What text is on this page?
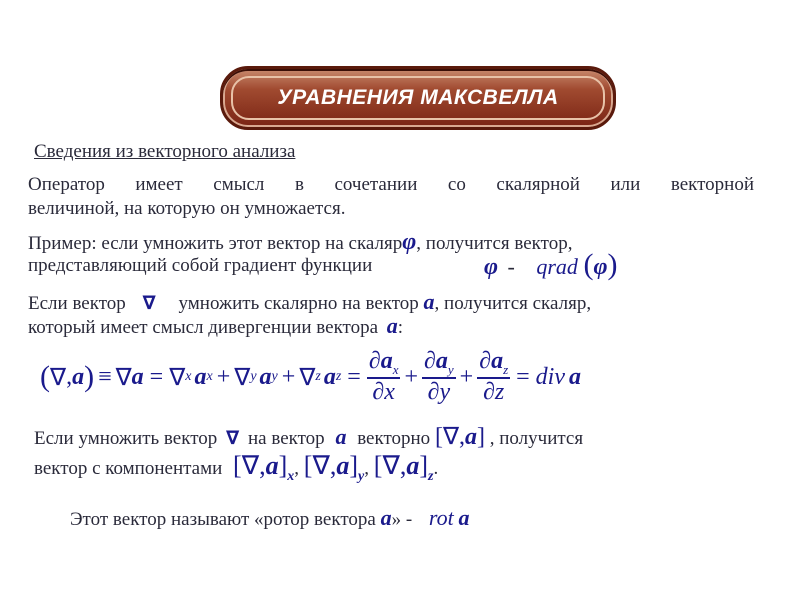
УРАВНЕНИЯ МАКСВЕЛЛА
Сведения из векторного анализа
Оператор имеет смысл в сочетании со скалярной или векторной
величиной, на которую он умножается.
Пример: если умножить этот вектор на скалярφ, получится вектор,
представляющий собой градиент функции	φ - qrad (φ)
Если вектор ∇ умножить скалярно на вектор a, получится скаляр,
который имеет смысл дивергенции вектора a:
( ∇ , a ) ≡ ∇ a = ∇ x a x + ∇ y a y + ∇ z a $z = \frac{\partial a_x}{\partial x} + \frac{\partial a_y}{\partial y} + \frac{\partial a_z}{\partial z}$ = div a
Если умножить вектор ∇ на вектор a векторно [∇,a] , получится
вектор с компонентами $[\nabla,a]_x$, $[\nabla,a]_y$, $[\nabla,a]_z$.
Этот вектор называют «ротор вектора a» - rot a
